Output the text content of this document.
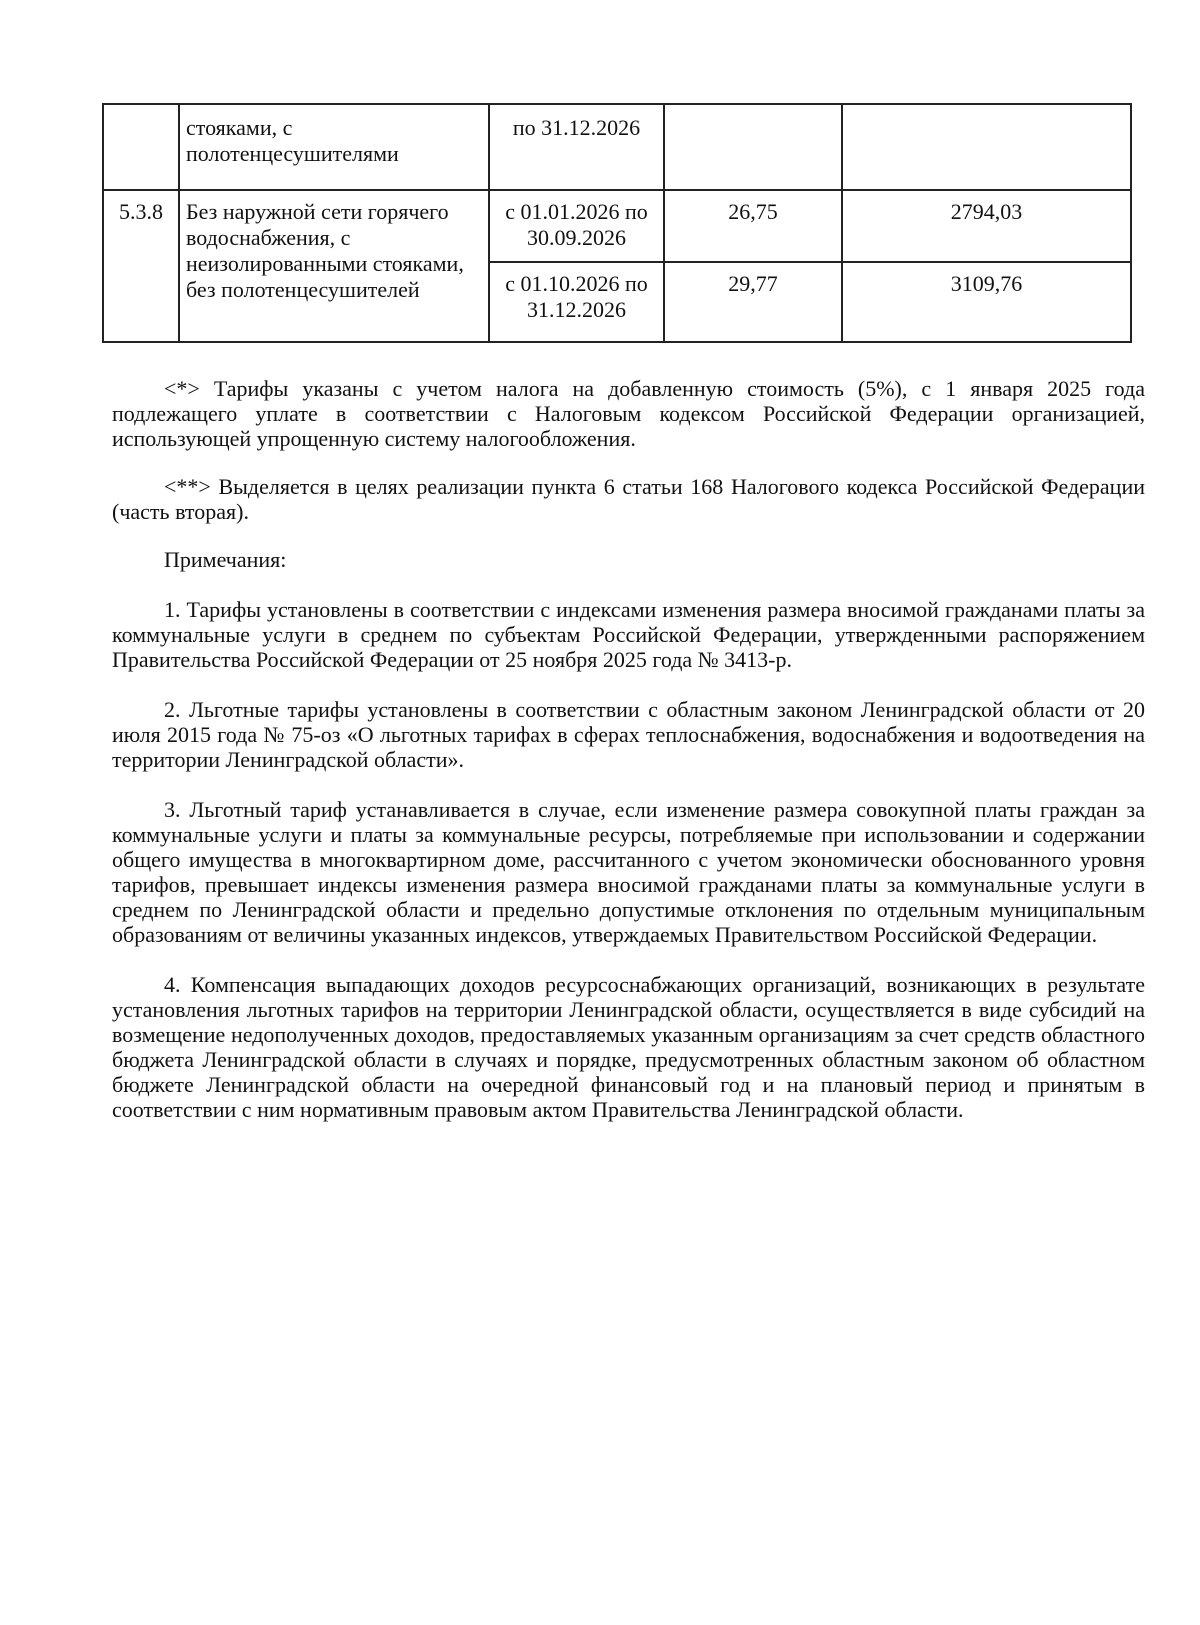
	стояками, с полотенцесушителями	по 31.12.2026		

5.3.8	Без наружной сети горячего водоснабжения, с неизолированными стояками, без полотенцесушителей	с 01.01.2026 по 30.09.2026	26,75	2794,03

		с 01.10.2026 по 31.12.2026	29,77	3109,76

<*> Тарифы указаны с учетом налога на добавленную стоимость (5%), с 1 января 2025 года подлежащего уплате в соответствии с Налоговым кодексом Российской Федерации организацией, использующей упрощенную систему налогообложения.

<**> Выделяется в целях реализации пункта 6 статьи 168 Налогового кодекса Российской Федерации (часть вторая).

Примечания:

1. Тарифы установлены в соответствии с индексами изменения размера вносимой гражданами платы за коммунальные услуги в среднем по субъектам Российской Федерации, утвержденными распоряжением Правительства Российской Федерации от 25 ноября 2025 года № 3413-р.

2. Льготные тарифы установлены в соответствии с областным законом Ленинградской области от 20 июля 2015 года № 75-оз «О льготных тарифах в сферах теплоснабжения, водоснабжения и водоотведения на территории Ленинградской области».

3. Льготный тариф устанавливается в случае, если изменение размера совокупной платы граждан за коммунальные услуги и платы за коммунальные ресурсы, потребляемые при использовании и содержании общего имущества в многоквартирном доме, рассчитанного с учетом экономически обоснованного уровня тарифов, превышает индексы изменения размера вносимой гражданами платы за коммунальные услуги в среднем по Ленинградской области и предельно допустимые отклонения по отдельным муниципальным образованиям от величины указанных индексов, утверждаемых Правительством Российской Федерации.

4. Компенсация выпадающих доходов ресурсоснабжающих организаций, возникающих в результате установления льготных тарифов на территории Ленинградской области, осуществляется в виде субсидий на возмещение недополученных доходов, предоставляемых указанным организациям за счет средств областного бюджета Ленинградской области в случаях и порядке, предусмотренных областным законом об областном бюджете Ленинградской области на очередной финансовый год и на плановый период и принятым в соответствии с ним нормативным правовым актом Правительства Ленинградской области.
